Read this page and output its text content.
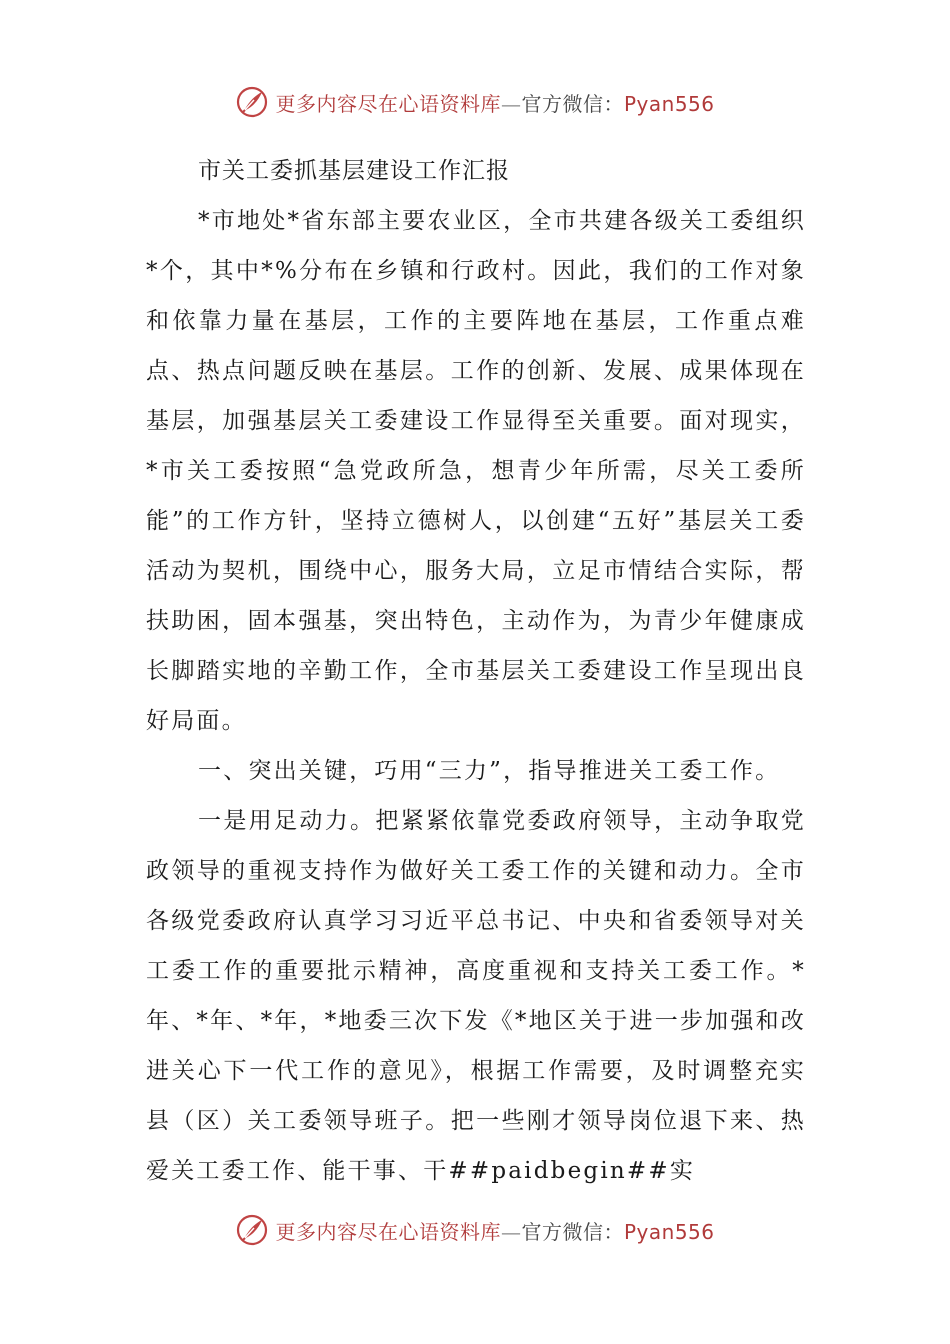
更多内容尽在心语资料库—官方微信：Pyan556
市关工委抓基层建设工作汇报

*市地处*省东部主要农业区，全市共建各级关工委组织*个，其中*%分布在乡镇和行政村。因此，我们的工作对象和依靠力量在基层，工作的主要阵地在基层，工作重点难点、热点问题反映在基层。工作的创新、发展、成果体现在基层，加强基层关工委建设工作显得至关重要。面对现实，*市关工委按照“急党政所急，想青少年所需，尽关工委所能”的工作方针，坚持立德树人，以创建“五好”基层关工委活动为契机，围绕中心，服务大局，立足市情结合实际，帮扶助困，固本强基，突出特色，主动作为，为青少年健康成长脚踏实地的辛勤工作，全市基层关工委建设工作呈现出良好局面。

一、突出关键，巧用“三力”，指导推进关工委工作。

一是用足动力。把紧紧依靠党委政府领导，主动争取党政领导的重视支持作为做好关工委工作的关键和动力。全市各级党委政府认真学习习近平总书记、中央和省委领导对关工委工作的重要批示精神，高度重视和支持关工委工作。*年、*年、*年，*地委三次下发《*地区关于进一步加强和改进关心下一代工作的意见》，根据工作需要，及时调整充实县（区）关工委领导班子。把一些刚才领导岗位退下来、热爱关工委工作、能干事、干##paidbegin##实

更多内容尽在心语资料库—官方微信：Pyan556
